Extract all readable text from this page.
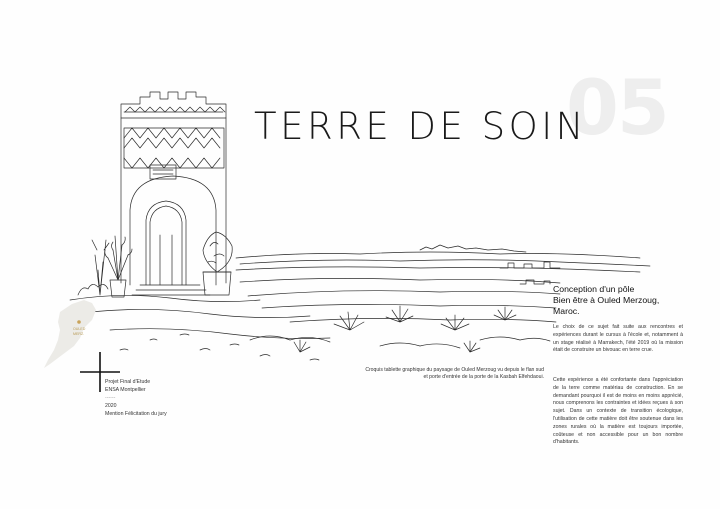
OULED
MERZ.
05
TERRE DE SOIN
Projet Final d'Etude
ENSA Montpellier
------
2020
Mention Félicitation du jury
Croquis tablette graphique du paysage de Ouled Merzoug vu depuis le flan sud
et porte d'entrée de la porte de la Kasbah Elfehdaoui.
Conception d'un pôle
Bien être à Ouled Merzoug,
Maroc.

Le choix de ce sujet fait suite aux rencontres et expériences durant le cursus à l'école et, notamment à un stage réalisé à Marrakech, l'été 2019 où la mission était de construire un bivouac en terre crue.

Cette expérience a été confortante dans l'appréciation de la terre comme matériau de construction. En se demandant pourquoi il est de moins en moins apprécié, nous comprenons les contraintes et idées reçues à son sujet. Dans un contexte de transition écologique, l'utilisation de cette matière doit être soutenue dans les zones rurales où la matière est toujours importée, coûteuse et non accessible pour un bon nombre d'habitants.
